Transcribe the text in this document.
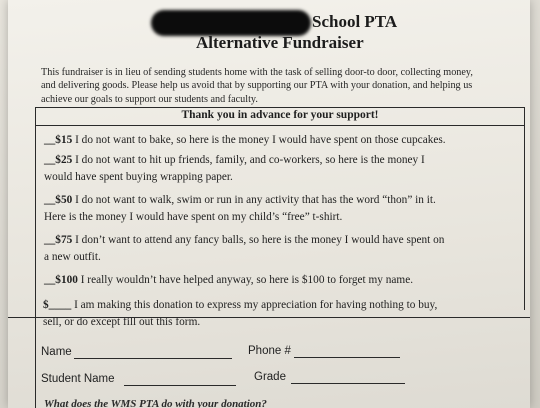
School PTA
Alternative Fundraiser
This fundraiser is in lieu of sending students home with the task of selling door-to door, collecting money,
and delivering goods. Please help us avoid that by supporting our PTA with your donation, and helping us
achieve our goals to support our students and faculty.
Thank you in advance for your support!
__$15 I do not want to bake, so here is the money I would have spent on those cupcakes.
__$25 I do not want to hit up friends, family, and co-workers, so here is the money I
would have spent buying wrapping paper.
__$50 I do not want to walk, swim or run in any activity that has the word “thon” in it.
Here is the money I would have spent on my child’s “free” t-shirt.
__$75 I don’t want to attend any fancy balls, so here is the money I would have spent on
a new outfit.
__$100 I really wouldn’t have helped anyway, so here is $100 to forget my name.
$____ I am making this donation to express my appreciation for having nothing to buy,
sell, or do except fill out this form.
Name	Phone #
Student Name	Grade
What does the WMS PTA do with your donation?
